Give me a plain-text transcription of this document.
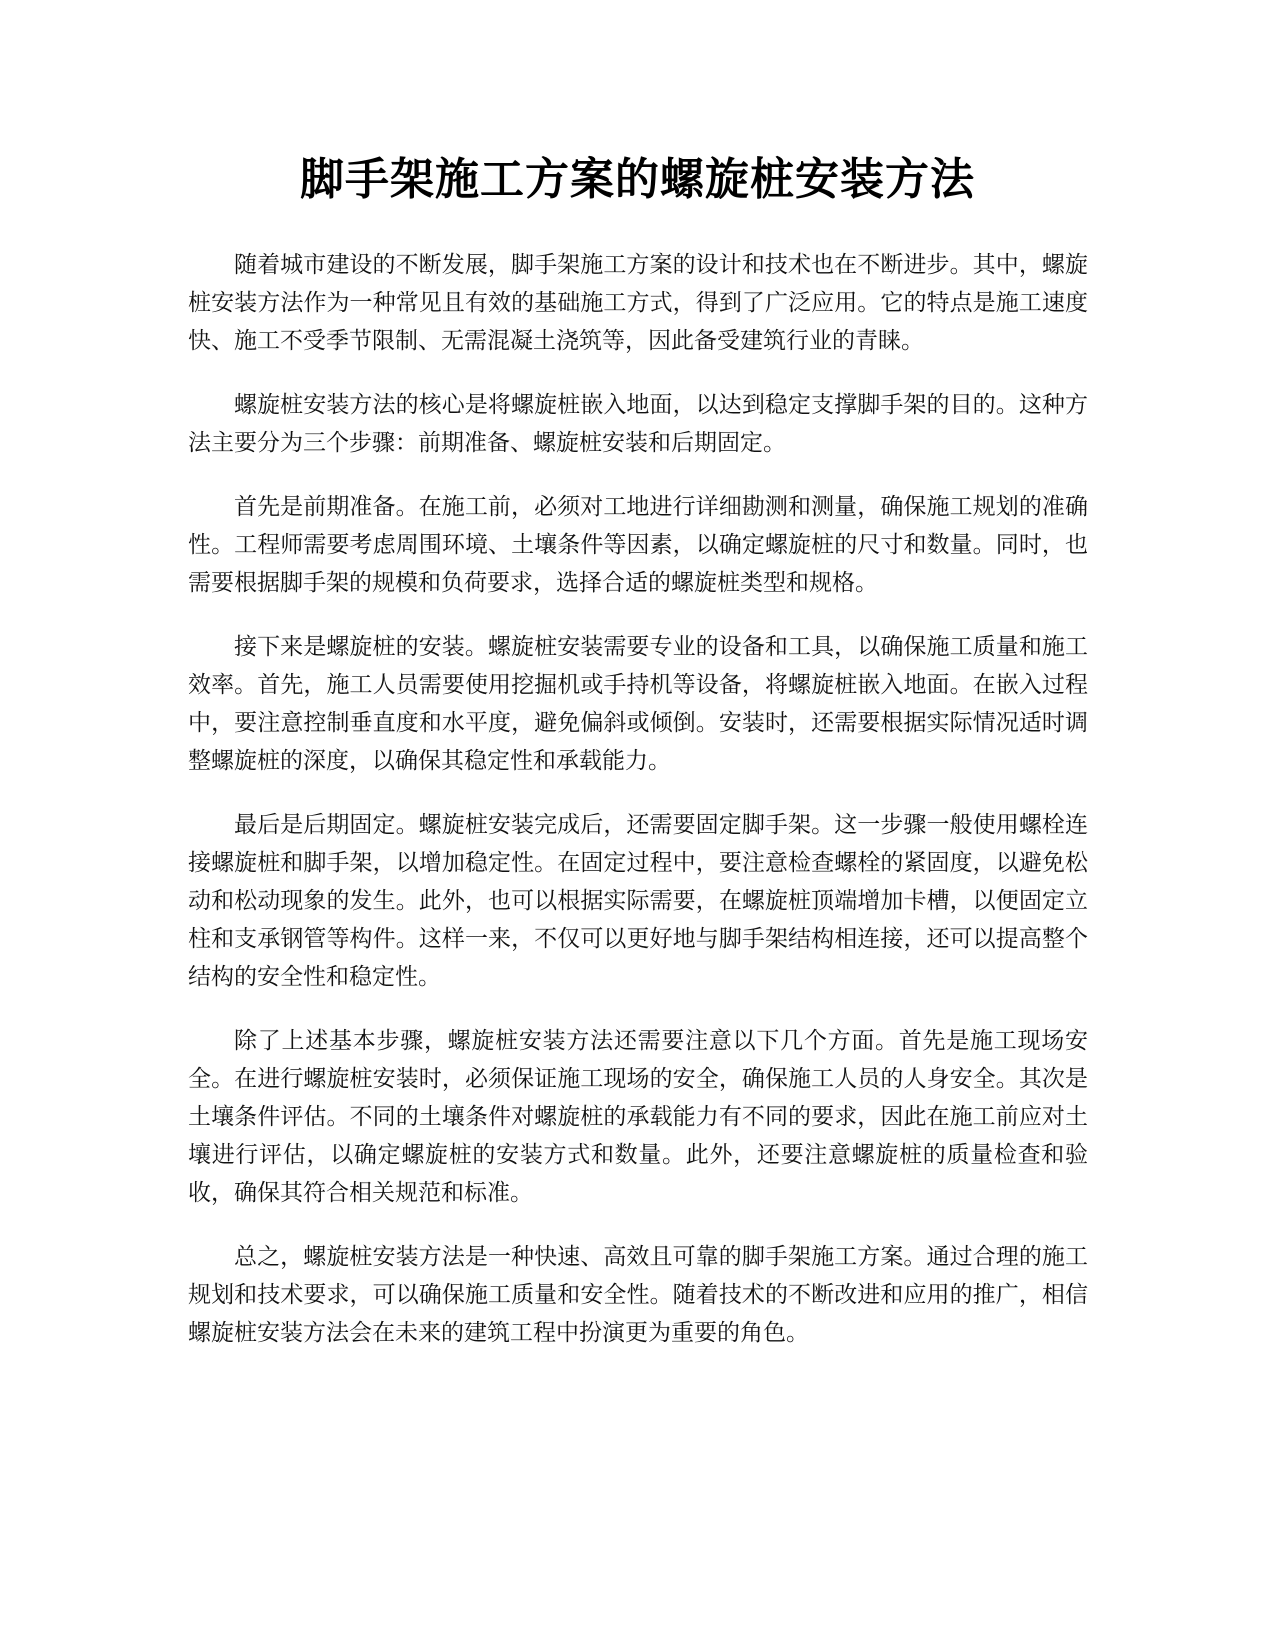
脚手架施工方案的螺旋桩安装方法

随着城市建设的不断发展，脚手架施工方案的设计和技术也在不断进步。其中，螺旋桩安装方法作为一种常见且有效的基础施工方式，得到了广泛应用。它的特点是施工速度快、施工不受季节限制、无需混凝土浇筑等，因此备受建筑行业的青睐。

螺旋桩安装方法的核心是将螺旋桩嵌入地面，以达到稳定支撑脚手架的目的。这种方法主要分为三个步骤：前期准备、螺旋桩安装和后期固定。

首先是前期准备。在施工前，必须对工地进行详细勘测和测量，确保施工规划的准确性。工程师需要考虑周围环境、土壤条件等因素，以确定螺旋桩的尺寸和数量。同时，也需要根据脚手架的规模和负荷要求，选择合适的螺旋桩类型和规格。

接下来是螺旋桩的安装。螺旋桩安装需要专业的设备和工具，以确保施工质量和施工效率。首先，施工人员需要使用挖掘机或手持机等设备，将螺旋桩嵌入地面。在嵌入过程中，要注意控制垂直度和水平度，避免偏斜或倾倒。安装时，还需要根据实际情况适时调整螺旋桩的深度，以确保其稳定性和承载能力。

最后是后期固定。螺旋桩安装完成后，还需要固定脚手架。这一步骤一般使用螺栓连接螺旋桩和脚手架，以增加稳定性。在固定过程中，要注意检查螺栓的紧固度，以避免松动和松动现象的发生。此外，也可以根据实际需要，在螺旋桩顶端增加卡槽，以便固定立柱和支承钢管等构件。这样一来，不仅可以更好地与脚手架结构相连接，还可以提高整个结构的安全性和稳定性。

除了上述基本步骤，螺旋桩安装方法还需要注意以下几个方面。首先是施工现场安全。在进行螺旋桩安装时，必须保证施工现场的安全，确保施工人员的人身安全。其次是土壤条件评估。不同的土壤条件对螺旋桩的承载能力有不同的要求，因此在施工前应对土壤进行评估，以确定螺旋桩的安装方式和数量。此外，还要注意螺旋桩的质量检查和验收，确保其符合相关规范和标准。

总之，螺旋桩安装方法是一种快速、高效且可靠的脚手架施工方案。通过合理的施工规划和技术要求，可以确保施工质量和安全性。随着技术的不断改进和应用的推广，相信螺旋桩安装方法会在未来的建筑工程中扮演更为重要的角色。
